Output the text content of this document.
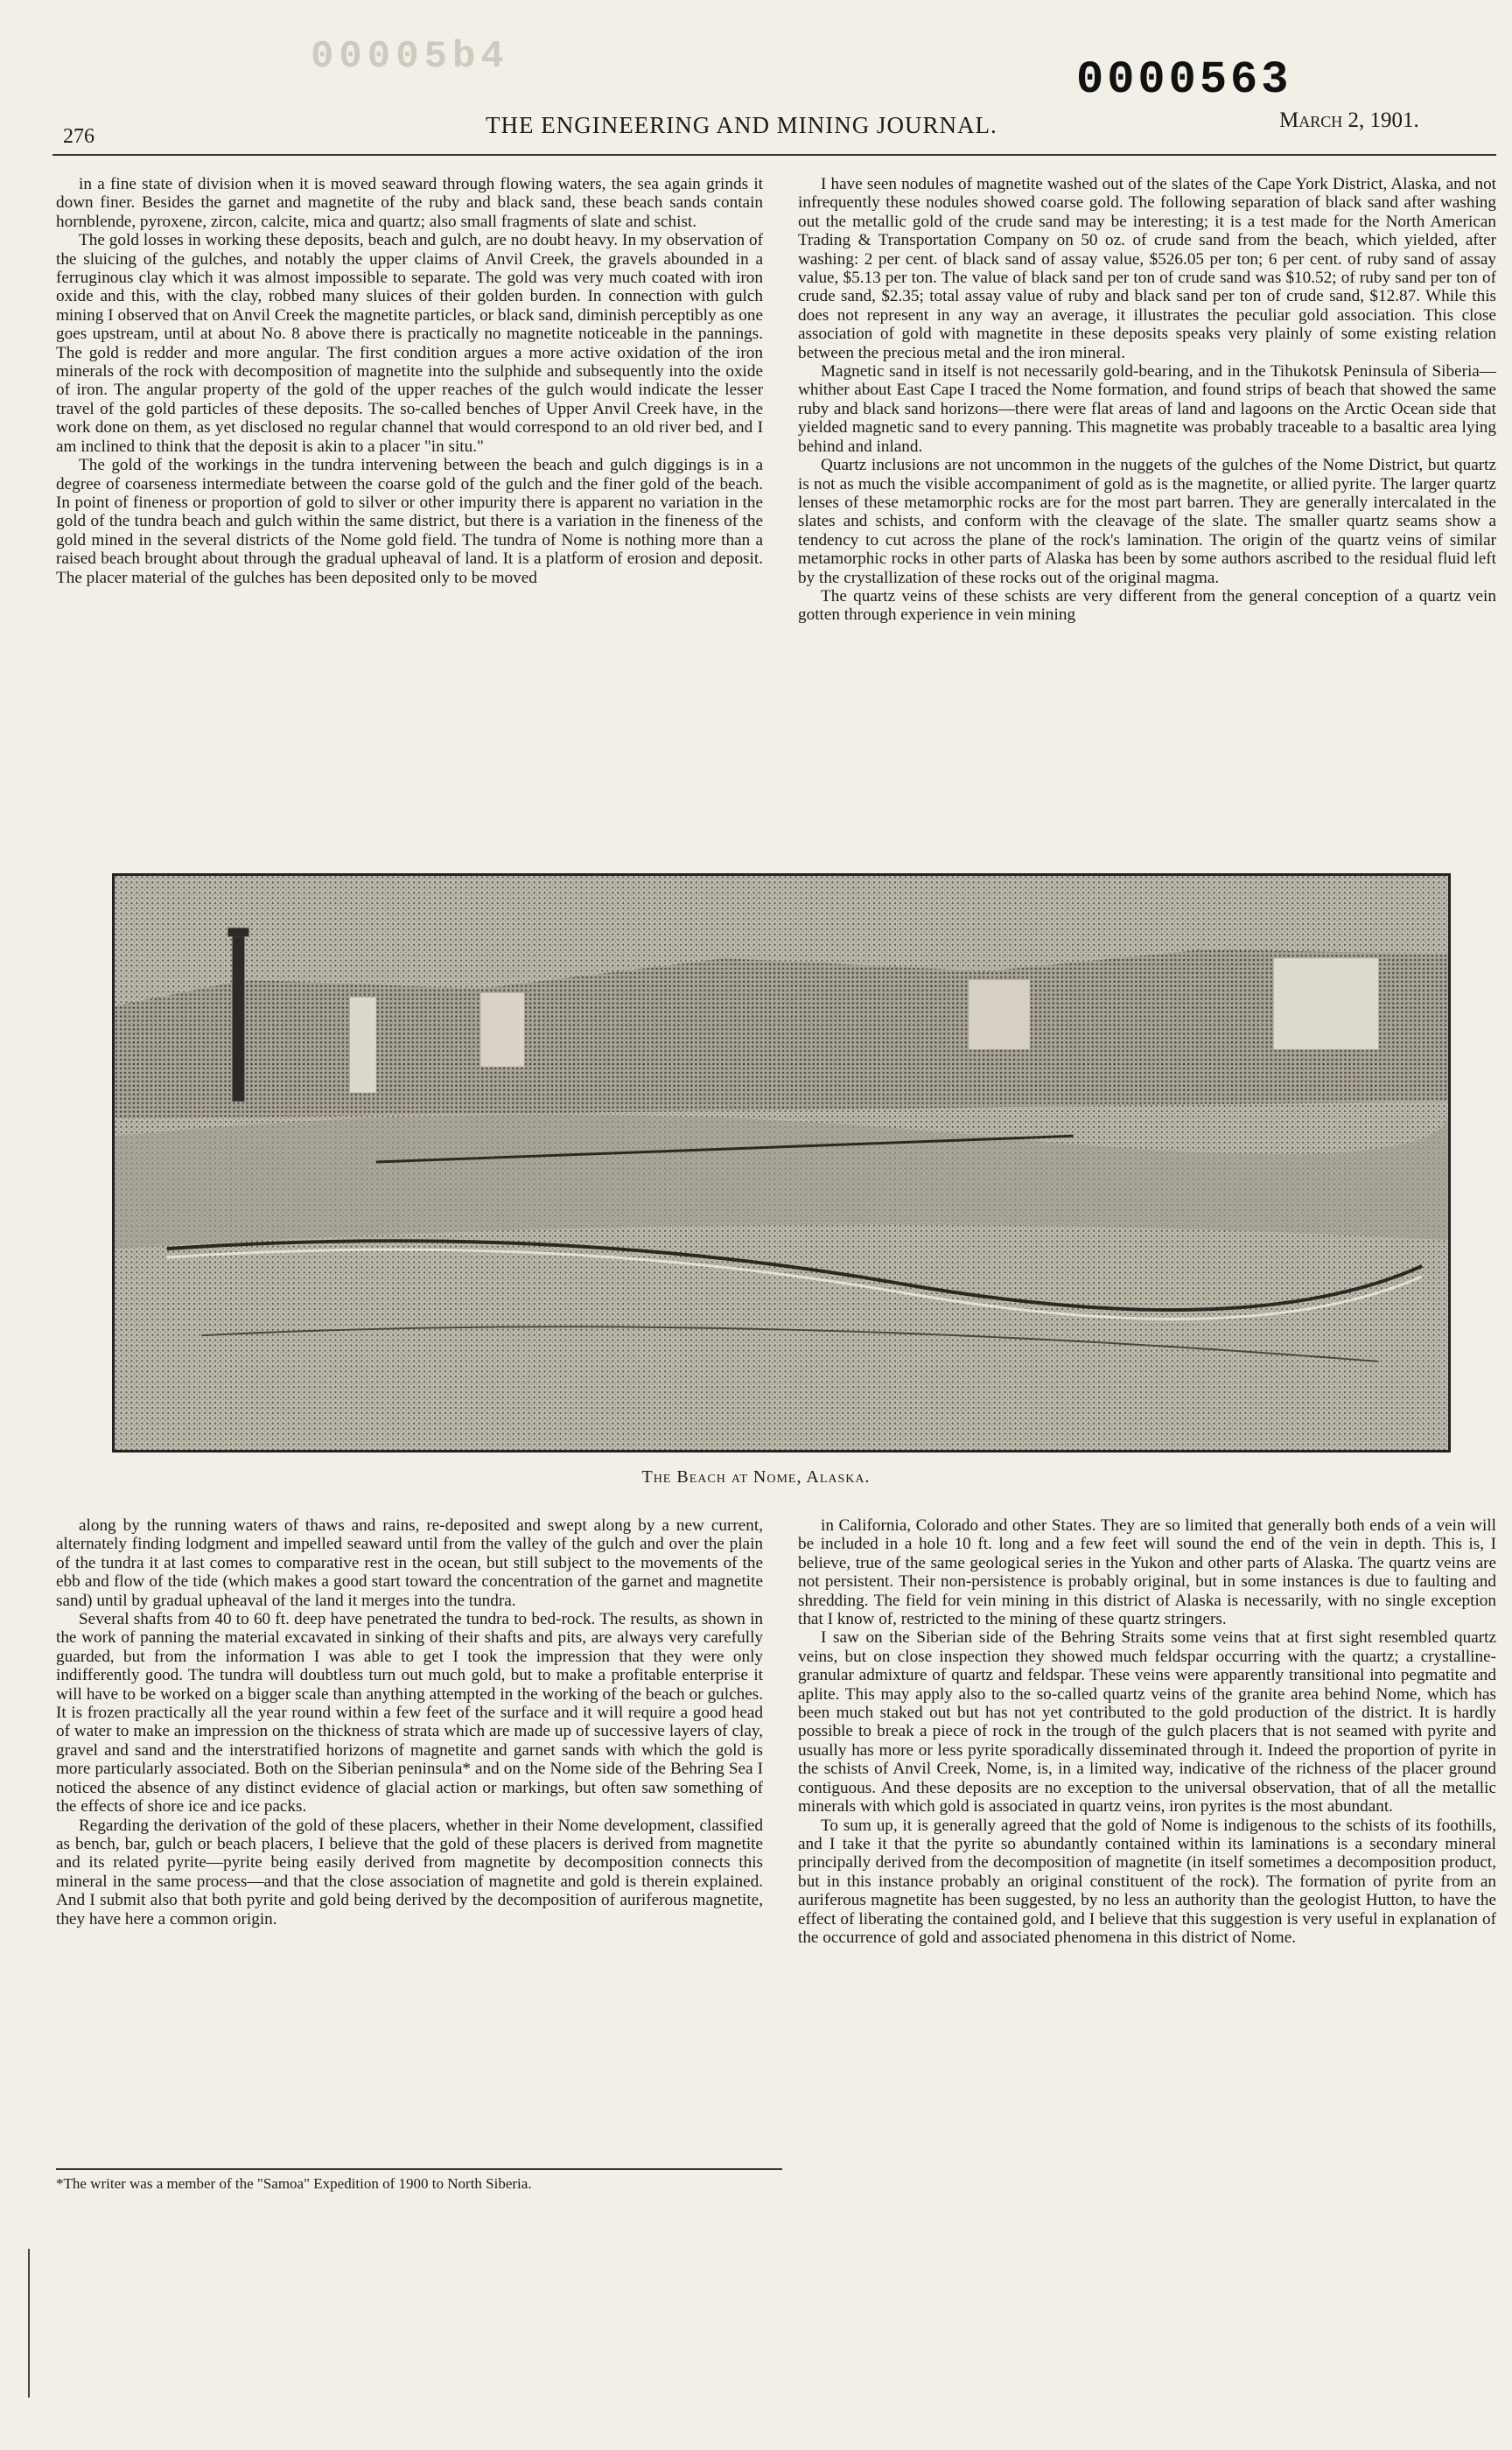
00005b4	0000563
276	THE ENGINEERING AND MINING JOURNAL.	March 2, 1901.

in a fine state of division when it is moved seaward through flowing waters, the sea again grinds it down finer. Besides the garnet and magnetite of the ruby and black sand, these beach sands contain hornblende, pyroxene, zircon, calcite, mica and quartz; also small fragments of slate and schist.

The gold losses in working these deposits, beach and gulch, are no doubt heavy. In my observation of the sluicing of the gulches, and notably the upper claims of Anvil Creek, the gravels abounded in a ferruginous clay which it was almost impossible to separate. The gold was very much coated with iron oxide and this, with the clay, robbed many sluices of their golden burden. In connection with gulch mining I observed that on Anvil Creek the magnetite particles, or black sand, diminish perceptibly as one goes upstream, until at about No. 8 above there is practically no magnetite noticeable in the pannings. The gold is redder and more angular. The first condition argues a more active oxidation of the iron minerals of the rock with decomposition of magnetite into the sulphide and subsequently into the oxide of iron. The angular property of the gold of the upper reaches of the gulch would indicate the lesser travel of the gold particles of these deposits. The so-called benches of Upper Anvil Creek have, in the work done on them, as yet disclosed no regular channel that would correspond to an old river bed, and I am inclined to think that the deposit is akin to a placer "in situ."

The gold of the workings in the tundra intervening between the beach and gulch diggings is in a degree of coarseness intermediate between the coarse gold of the gulch and the finer gold of the beach. In point of fineness or proportion of gold to silver or other impurity there is apparent no variation in the gold of the tundra beach and gulch within the same district, but there is a variation in the fineness of the gold mined in the several districts of the Nome gold field. The tundra of Nome is nothing more than a raised beach brought about through the gradual upheaval of land. It is a platform of erosion and deposit. The placer material of the gulches has been deposited only to be moved

I have seen nodules of magnetite washed out of the slates of the Cape York District, Alaska, and not infrequently these nodules showed coarse gold. The following separation of black sand after washing out the metallic gold of the crude sand may be interesting; it is a test made for the North American Trading & Transportation Company on 50 oz. of crude sand from the beach, which yielded, after washing: 2 per cent. of black sand of assay value, $526.05 per ton; 6 per cent. of ruby sand of assay value, $5.13 per ton. The value of black sand per ton of crude sand was $10.52; of ruby sand per ton of crude sand, $2.35; total assay value of ruby and black sand per ton of crude sand, $12.87. While this does not represent in any way an average, it illustrates the peculiar gold association. This close association of gold with magnetite in these deposits speaks very plainly of some existing relation between the precious metal and the iron mineral.

Magnetic sand in itself is not necessarily gold-bearing, and in the Tihukotsk Peninsula of Siberia—whither about East Cape I traced the Nome formation, and found strips of beach that showed the same ruby and black sand horizons—there were flat areas of land and lagoons on the Arctic Ocean side that yielded magnetic sand to every panning. This magnetite was probably traceable to a basaltic area lying behind and inland.

Quartz inclusions are not uncommon in the nuggets of the gulches of the Nome District, but quartz is not as much the visible accompaniment of gold as is the magnetite, or allied pyrite. The larger quartz lenses of these metamorphic rocks are for the most part barren. They are generally intercalated in the slates and schists, and conform with the cleavage of the slate. The smaller quartz seams show a tendency to cut across the plane of the rock's lamination. The origin of the quartz veins of similar metamorphic rocks in other parts of Alaska has been by some authors ascribed to the residual fluid left by the crystallization of these rocks out of the original magma.

The quartz veins of these schists are very different from the general conception of a quartz vein gotten through experience in vein mining

The Beach at Nome, Alaska.

along by the running waters of thaws and rains, re-deposited and swept along by a new current, alternately finding lodgment and impelled seaward until from the valley of the gulch and over the plain of the tundra it at last comes to comparative rest in the ocean, but still subject to the movements of the ebb and flow of the tide (which makes a good start toward the concentration of the garnet and magnetite sand) until by gradual upheaval of the land it merges into the tundra.

Several shafts from 40 to 60 ft. deep have penetrated the tundra to bed-rock. The results, as shown in the work of panning the material excavated in sinking of their shafts and pits, are always very carefully guarded, but from the information I was able to get I took the impression that they were only indifferently good. The tundra will doubtless turn out much gold, but to make a profitable enterprise it will have to be worked on a bigger scale than anything attempted in the working of the beach or gulches. It is frozen practically all the year round within a few feet of the surface and it will require a good head of water to make an impression on the thickness of strata which are made up of successive layers of clay, gravel and sand and the interstratified horizons of magnetite and garnet sands with which the gold is more particularly associated. Both on the Siberian peninsula* and on the Nome side of the Behring Sea I noticed the absence of any distinct evidence of glacial action or markings, but often saw something of the effects of shore ice and ice packs.

Regarding the derivation of the gold of these placers, whether in their Nome development, classified as bench, bar, gulch or beach placers, I believe that the gold of these placers is derived from magnetite and its related pyrite—pyrite being easily derived from magnetite by decomposition connects this mineral in the same process—and that the close association of magnetite and gold is therein explained. And I submit also that both pyrite and gold being derived by the decomposition of auriferous magnetite, they have here a common origin.

in California, Colorado and other States. They are so limited that generally both ends of a vein will be included in a hole 10 ft. long and a few feet will sound the end of the vein in depth. This is, I believe, true of the same geological series in the Yukon and other parts of Alaska. The quartz veins are not persistent. Their non-persistence is probably original, but in some instances is due to faulting and shredding. The field for vein mining in this district of Alaska is necessarily, with no single exception that I know of, restricted to the mining of these quartz stringers.

I saw on the Siberian side of the Behring Straits some veins that at first sight resembled quartz veins, but on close inspection they showed much feldspar occurring with the quartz; a crystalline-granular admixture of quartz and feldspar. These veins were apparently transitional into pegmatite and aplite. This may apply also to the so-called quartz veins of the granite area behind Nome, which has been much staked out but has not yet contributed to the gold production of the district. It is hardly possible to break a piece of rock in the trough of the gulch placers that is not seamed with pyrite and usually has more or less pyrite sporadically disseminated through it. Indeed the proportion of pyrite in the schists of Anvil Creek, Nome, is, in a limited way, indicative of the richness of the placer ground contiguous. And these deposits are no exception to the universal observation, that of all the metallic minerals with which gold is associated in quartz veins, iron pyrites is the most abundant.

To sum up, it is generally agreed that the gold of Nome is indigenous to the schists of its foothills, and I take it that the pyrite so abundantly contained within its laminations is a secondary mineral principally derived from the decomposition of magnetite (in itself sometimes a decomposition product, but in this instance probably an original constituent of the rock). The formation of pyrite from an auriferous magnetite has been suggested, by no less an authority than the geologist Hutton, to have the effect of liberating the contained gold, and I believe that this suggestion is very useful in explanation of the occurrence of gold and associated phenomena in this district of Nome.

*The writer was a member of the "Samoa" Expedition of 1900 to North Siberia.
